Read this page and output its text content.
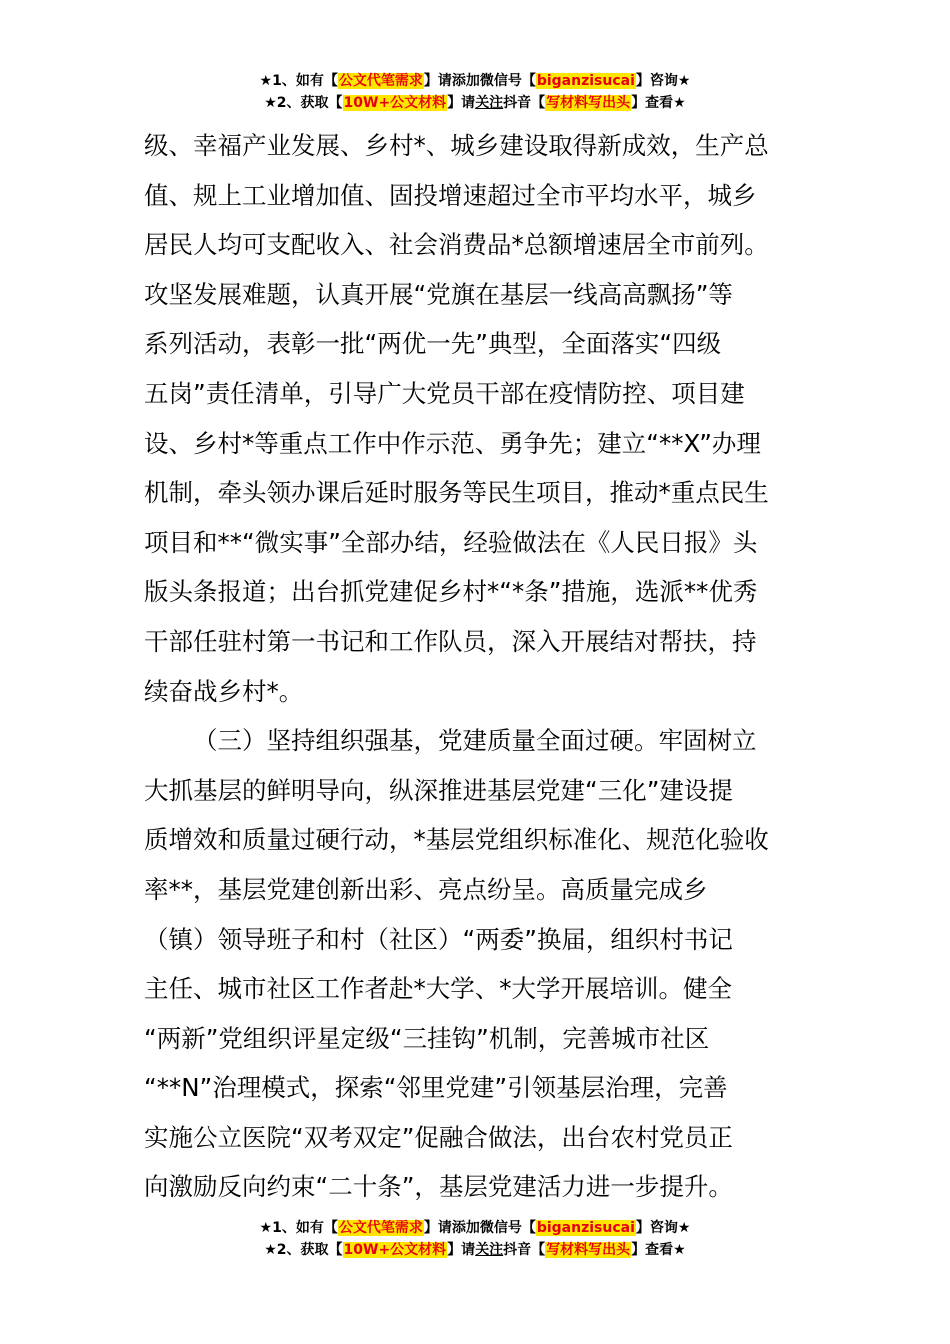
★1、如有【公文代笔需求】请添加微信号【biganzisucai】咨询★
★2、获取【10W+公文材料】请关注抖音【写材料写出头】查看★
级、幸福产业发展、乡村*、城乡建设取得新成效，生产总
值、规上工业增加值、固投增速超过全市平均水平，城乡
居民人均可支配收入、社会消费品*总额增速居全市前列。
攻坚发展难题，认真开展“党旗在基层一线高高飘扬”等
系列活动，表彰一批“两优一先”典型，全面落实“四级
五岗”责任清单，引导广大党员干部在疫情防控、项目建
设、乡村*等重点工作中作示范、勇争先；建立“**X”办理
机制，牵头领办课后延时服务等民生项目，推动*重点民生
项目和**“微实事”全部办结，经验做法在《人民日报》头
版头条报道；出台抓党建促乡村*“*条”措施，选派**优秀
干部任驻村第一书记和工作队员，深入开展结对帮扶，持
续奋战乡村*。
（三）坚持组织强基，党建质量全面过硬。牢固树立
大抓基层的鲜明导向，纵深推进基层党建“三化”建设提
质增效和质量过硬行动，*基层党组织标准化、规范化验收
率**，基层党建创新出彩、亮点纷呈。高质量完成乡
（镇）领导班子和村（社区）“两委”换届，组织村书记
主任、城市社区工作者赴*大学、*大学开展培训。健全
“两新”党组织评星定级“三挂钩”机制，完善城市社区
“**N”治理模式，探索“邻里党建”引领基层治理，完善
实施公立医院“双考双定”促融合做法，出台农村党员正
向激励反向约束“二十条”，基层党建活力进一步提升。
★1、如有【公文代笔需求】请添加微信号【biganzisucai】咨询★
★2、获取【10W+公文材料】请关注抖音【写材料写出头】查看★
